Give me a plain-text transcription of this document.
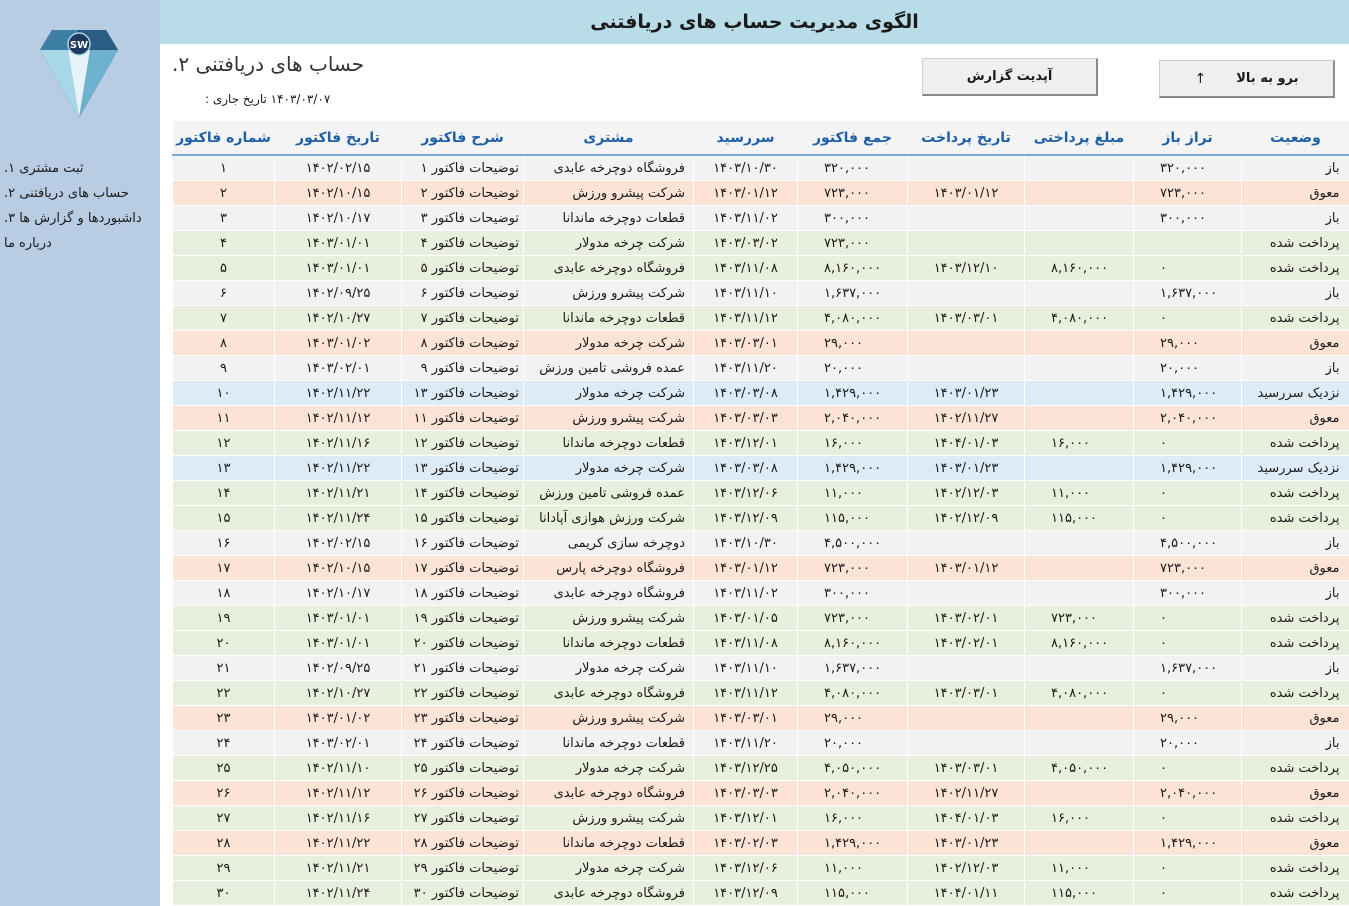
SW
ثبت مشتری ۱.
حساب های دریافتنی ۲.
داشبوردها و گزارش ها ۳.
درباره ما
الگوی مدیریت حساب های دریافتنی
حساب های دریافتنی ۲.
۱۴۰۳/۰۳/۰۷ تاریخ جاری :
آپدیت گزارش	برو به بالا
↑
وضعیت	تراز باز	مبلغ پرداختی	تاریخ پرداخت	جمع فاکتور	سررسید	مشتری	شرح فاکتور	تاریخ فاکتور	شماره فاکتور
باز	۳۲۰,۰۰۰			۳۲۰,۰۰۰	۱۴۰۳/۱۰/۳۰	فروشگاه دوچرخه عابدی	توضیحات فاکتور ۱	۱۴۰۲/۰۲/۱۵	۱
معوق	۷۲۳,۰۰۰		۱۴۰۳/۰۱/۱۲	۷۲۳,۰۰۰	۱۴۰۳/۰۱/۱۲	شرکت پیشرو ورزش	توضیحات فاکتور ۲	۱۴۰۲/۱۰/۱۵	۲
باز	۳۰۰,۰۰۰			۳۰۰,۰۰۰	۱۴۰۳/۱۱/۰۲	قطعات دوچرخه ماندانا	توضیحات فاکتور ۳	۱۴۰۲/۱۰/۱۷	۳
پرداخت شده				۷۲۳,۰۰۰	۱۴۰۳/۰۳/۰۲	شرکت چرخه مدولار	توضیحات فاکتور ۴	۱۴۰۳/۰۱/۰۱	۴
پرداخت شده	۰	۸,۱۶۰,۰۰۰	۱۴۰۳/۱۲/۱۰	۸,۱۶۰,۰۰۰	۱۴۰۳/۱۱/۰۸	فروشگاه دوچرخه عابدی	توضیحات فاکتور ۵	۱۴۰۳/۰۱/۰۱	۵
باز	۱,۶۳۷,۰۰۰			۱,۶۳۷,۰۰۰	۱۴۰۳/۱۱/۱۰	شرکت پیشرو ورزش	توضیحات فاکتور ۶	۱۴۰۲/۰۹/۲۵	۶
پرداخت شده	۰	۴,۰۸۰,۰۰۰	۱۴۰۳/۰۳/۰۱	۴,۰۸۰,۰۰۰	۱۴۰۳/۱۱/۱۲	قطعات دوچرخه ماندانا	توضیحات فاکتور ۷	۱۴۰۲/۱۰/۲۷	۷
معوق	۲۹,۰۰۰			۲۹,۰۰۰	۱۴۰۳/۰۳/۰۱	شرکت چرخه مدولار	توضیحات فاکتور ۸	۱۴۰۳/۰۱/۰۲	۸
باز	۲۰,۰۰۰			۲۰,۰۰۰	۱۴۰۳/۱۱/۲۰	عمده فروشی تامین ورزش	توضیحات فاکتور ۹	۱۴۰۳/۰۲/۰۱	۹
نزدیک سررسید	۱,۴۲۹,۰۰۰		۱۴۰۳/۰۱/۲۳	۱,۴۲۹,۰۰۰	۱۴۰۳/۰۳/۰۸	شرکت چرخه مدولار	توضیحات فاکتور ۱۳	۱۴۰۲/۱۱/۲۲	۱۰
معوق	۲,۰۴۰,۰۰۰		۱۴۰۲/۱۱/۲۷	۲,۰۴۰,۰۰۰	۱۴۰۳/۰۳/۰۳	شرکت پیشرو ورزش	توضیحات فاکتور ۱۱	۱۴۰۲/۱۱/۱۲	۱۱
پرداخت شده	۰	۱۶,۰۰۰	۱۴۰۴/۰۱/۰۳	۱۶,۰۰۰	۱۴۰۳/۱۲/۰۱	قطعات دوچرخه ماندانا	توضیحات فاکتور ۱۲	۱۴۰۲/۱۱/۱۶	۱۲
نزدیک سررسید	۱,۴۲۹,۰۰۰		۱۴۰۳/۰۱/۲۳	۱,۴۲۹,۰۰۰	۱۴۰۳/۰۳/۰۸	شرکت چرخه مدولار	توضیحات فاکتور ۱۳	۱۴۰۲/۱۱/۲۲	۱۳
پرداخت شده	۰	۱۱,۰۰۰	۱۴۰۲/۱۲/۰۳	۱۱,۰۰۰	۱۴۰۳/۱۲/۰۶	عمده فروشی تامین ورزش	توضیحات فاکتور ۱۴	۱۴۰۲/۱۱/۲۱	۱۴
پرداخت شده	۰	۱۱۵,۰۰۰	۱۴۰۲/۱۲/۰۹	۱۱۵,۰۰۰	۱۴۰۳/۱۲/۰۹	شرکت ورزش هوازی آپادانا	توضیحات فاکتور ۱۵	۱۴۰۲/۱۱/۲۴	۱۵
باز	۴,۵۰۰,۰۰۰			۴,۵۰۰,۰۰۰	۱۴۰۳/۱۰/۳۰	دوچرخه سازی کریمی	توضیحات فاکتور ۱۶	۱۴۰۲/۰۲/۱۵	۱۶
معوق	۷۲۳,۰۰۰		۱۴۰۳/۰۱/۱۲	۷۲۳,۰۰۰	۱۴۰۳/۰۱/۱۲	فروشگاه دوچرخه پارس	توضیحات فاکتور ۱۷	۱۴۰۲/۱۰/۱۵	۱۷
باز	۳۰۰,۰۰۰			۳۰۰,۰۰۰	۱۴۰۳/۱۱/۰۲	فروشگاه دوچرخه عابدی	توضیحات فاکتور ۱۸	۱۴۰۲/۱۰/۱۷	۱۸
پرداخت شده	۰	۷۲۳,۰۰۰	۱۴۰۳/۰۲/۰۱	۷۲۳,۰۰۰	۱۴۰۳/۰۱/۰۵	شرکت پیشرو ورزش	توضیحات فاکتور ۱۹	۱۴۰۳/۰۱/۰۱	۱۹
پرداخت شده	۰	۸,۱۶۰,۰۰۰	۱۴۰۳/۰۲/۰۱	۸,۱۶۰,۰۰۰	۱۴۰۳/۱۱/۰۸	قطعات دوچرخه ماندانا	توضیحات فاکتور ۲۰	۱۴۰۳/۰۱/۰۱	۲۰
باز	۱,۶۳۷,۰۰۰			۱,۶۳۷,۰۰۰	۱۴۰۳/۱۱/۱۰	شرکت چرخه مدولار	توضیحات فاکتور ۲۱	۱۴۰۲/۰۹/۲۵	۲۱
پرداخت شده	۰	۴,۰۸۰,۰۰۰	۱۴۰۳/۰۳/۰۱	۴,۰۸۰,۰۰۰	۱۴۰۳/۱۱/۱۲	فروشگاه دوچرخه عابدی	توضیحات فاکتور ۲۲	۱۴۰۲/۱۰/۲۷	۲۲
معوق	۲۹,۰۰۰			۲۹,۰۰۰	۱۴۰۳/۰۳/۰۱	شرکت پیشرو ورزش	توضیحات فاکتور ۲۳	۱۴۰۳/۰۱/۰۲	۲۳
باز	۲۰,۰۰۰			۲۰,۰۰۰	۱۴۰۳/۱۱/۲۰	قطعات دوچرخه ماندانا	توضیحات فاکتور ۲۴	۱۴۰۳/۰۲/۰۱	۲۴
پرداخت شده	۰	۴,۰۵۰,۰۰۰	۱۴۰۳/۰۳/۰۱	۴,۰۵۰,۰۰۰	۱۴۰۳/۱۲/۲۵	شرکت چرخه مدولار	توضیحات فاکتور ۲۵	۱۴۰۲/۱۱/۱۰	۲۵
معوق	۲,۰۴۰,۰۰۰		۱۴۰۲/۱۱/۲۷	۲,۰۴۰,۰۰۰	۱۴۰۳/۰۳/۰۳	فروشگاه دوچرخه عابدی	توضیحات فاکتور ۲۶	۱۴۰۲/۱۱/۱۲	۲۶
پرداخت شده	۰	۱۶,۰۰۰	۱۴۰۴/۰۱/۰۳	۱۶,۰۰۰	۱۴۰۳/۱۲/۰۱	شرکت پیشرو ورزش	توضیحات فاکتور ۲۷	۱۴۰۲/۱۱/۱۶	۲۷
معوق	۱,۴۲۹,۰۰۰		۱۴۰۳/۰۱/۲۳	۱,۴۲۹,۰۰۰	۱۴۰۳/۰۲/۰۳	قطعات دوچرخه ماندانا	توضیحات فاکتور ۲۸	۱۴۰۲/۱۱/۲۲	۲۸
پرداخت شده	۰	۱۱,۰۰۰	۱۴۰۲/۱۲/۰۳	۱۱,۰۰۰	۱۴۰۳/۱۲/۰۶	شرکت چرخه مدولار	توضیحات فاکتور ۲۹	۱۴۰۲/۱۱/۲۱	۲۹
پرداخت شده	۰	۱۱۵,۰۰۰	۱۴۰۴/۰۱/۱۱	۱۱۵,۰۰۰	۱۴۰۳/۱۲/۰۹	فروشگاه دوچرخه عابدی	توضیحات فاکتور ۳۰	۱۴۰۲/۱۱/۲۴	۳۰
